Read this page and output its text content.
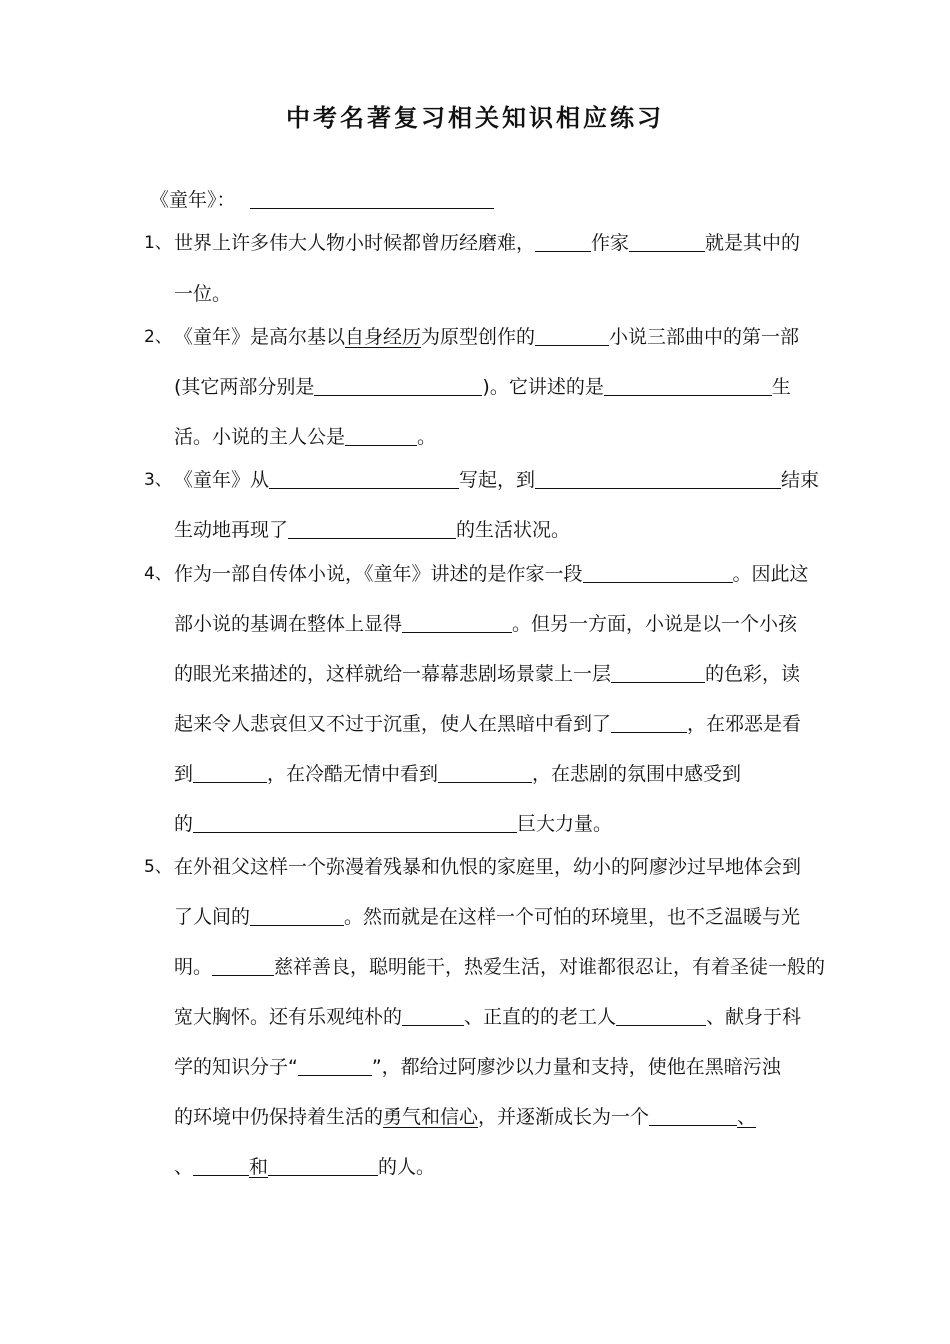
中考名著复习相关知识相应练习
《童年》：
1、 世界上许多伟大人物小时候都曾历经磨难，	作家	就是其中的
一位。
2、 《童年》是高尔基以自身经历为原型创作的	小说三部曲中的第一部
(其它两部分别是	)。它讲述的是	生
活。小说的主人公是	。
3、 《童年》从	写起，到	结束
生动地再现了	的生活状况。
4、 作为一部自传体小说，《童年》讲述的是作家一段	。因此这
部小说的基调在整体上显得	。但另一方面，小说是以一个小孩
的眼光来描述的，这样就给一幕幕悲剧场景蒙上一层	的色彩，读
起来令人悲哀但又不过于沉重，使人在黑暗中看到了	，在邪恶是看
到	，在冷酷无情中看到	，在悲剧的氛围中感受到
的	巨大力量。
5、 在外祖父这样一个弥漫着残暴和仇恨的家庭里，幼小的阿廖沙过早地体会到
了人间的	。然而就是在这样一个可怕的环境里，也不乏温暖与光
明。	慈祥善良，聪明能干，热爱生活，对谁都很忍让，有着圣徒一般的
宽大胸怀。还有乐观纯朴的	、正直的的老工人	、献身于科
学的知识分子“	”，都给过阿廖沙以力量和支持，使他在黑暗污浊
的环境中仍保持着生活的勇气和信心，并逐渐成长为一个	、
、	和	的人。
